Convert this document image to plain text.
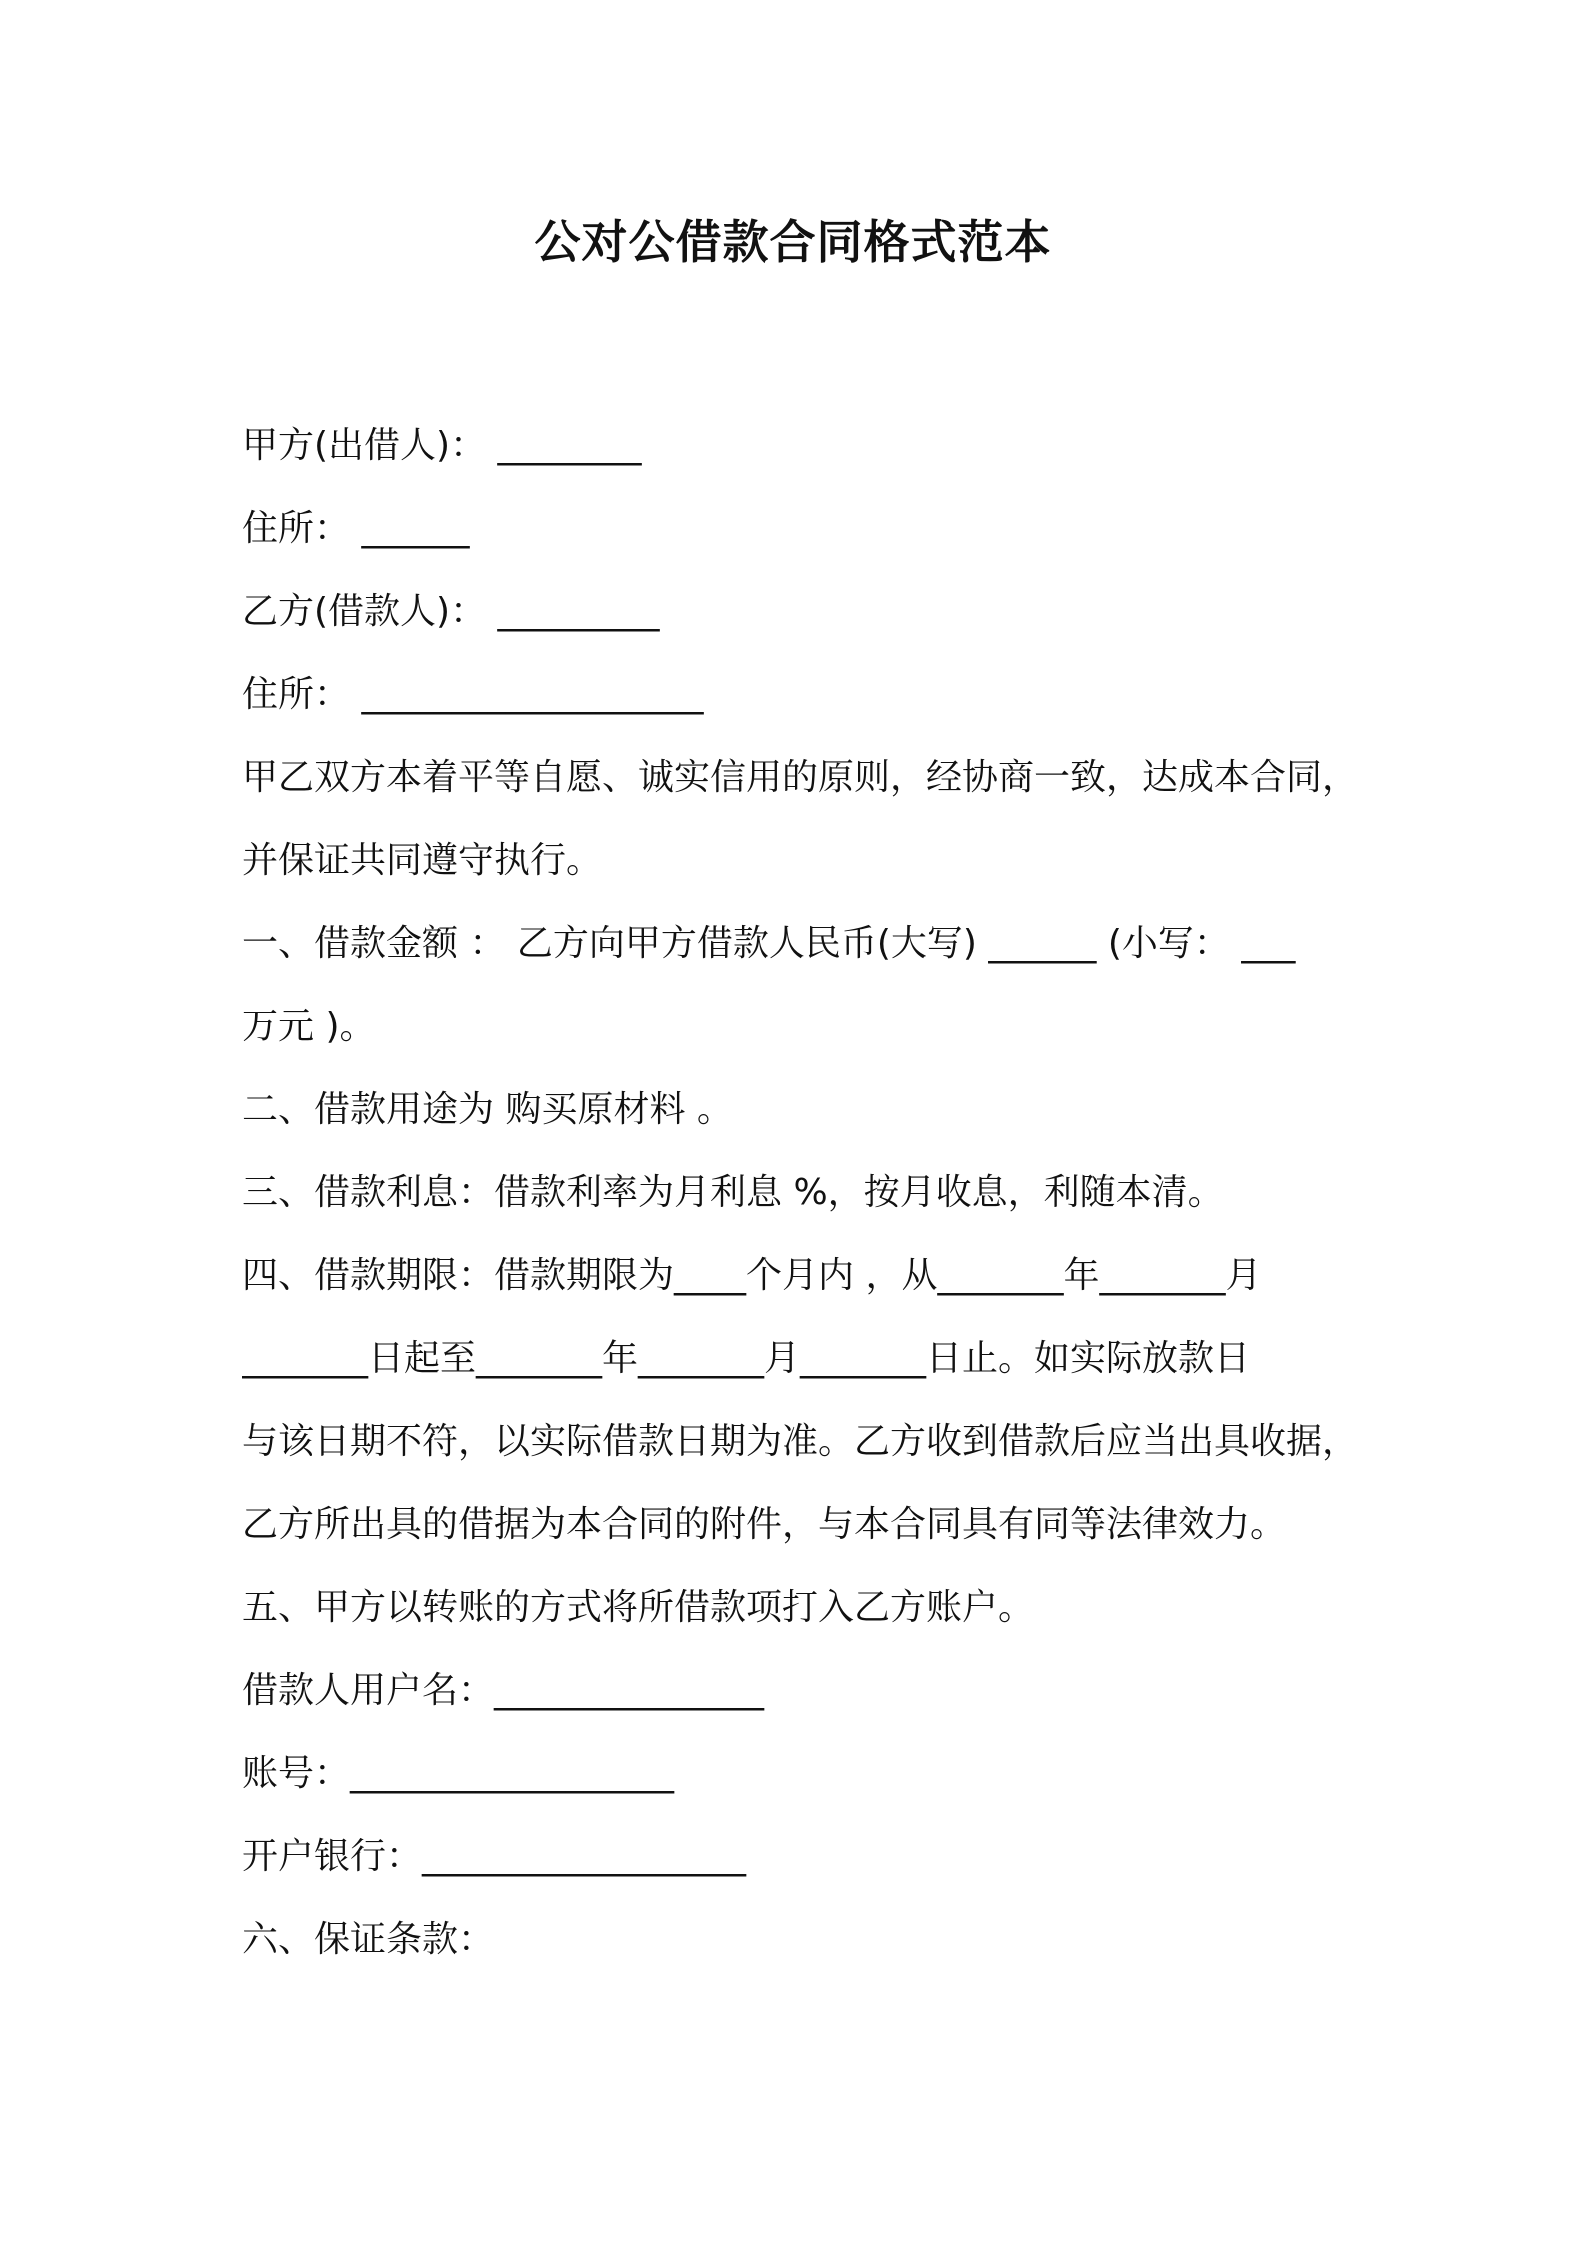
公对公借款合同格式范本
甲方(出借人)： ________
住所： ______
乙方(借款人)： _________
住所： ___________________
甲乙双方本着平等自愿、诚实信用的原则，经协商一致，达成本合同，
并保证共同遵守执行。
一、借款金额 ： 乙方向甲方借款人民币(大写) ______ (小写： ___
万元 )。
二、借款用途为 购买原材料 。
三、借款利息：借款利率为月利息 %，按月收息，利随本清。
四、借款期限：借款期限为____个月内 ，从_______年_______月
_______日起至_______年_______月_______日止。如实际放款日
与该日期不符，以实际借款日期为准。乙方收到借款后应当出具收据，
乙方所出具的借据为本合同的附件，与本合同具有同等法律效力。
五、甲方以转账的方式将所借款项打入乙方账户。
借款人用户名：_______________
账号：__________________
开户银行：__________________
六、保证条款：
